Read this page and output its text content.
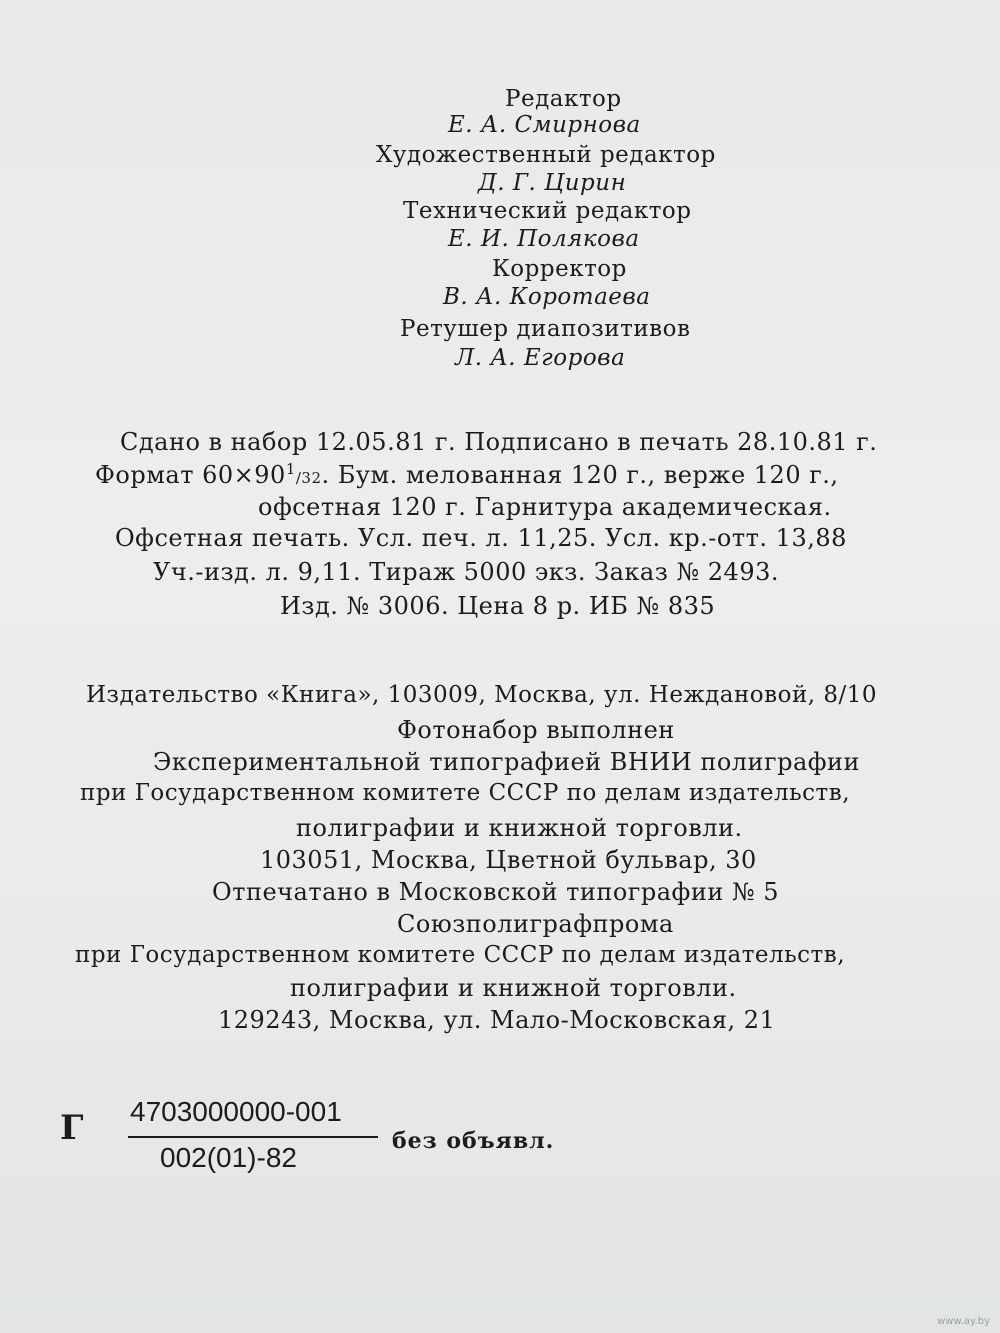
Редактор
Е. А. Смирнова
Художественный редактор
Д. Г. Цирин
Технический редактор
Е. И. Полякова
Корректор
В. А. Коротаева
Ретушер диапозитивов
Л. А. Егорова
Сдано в набор 12.05.81 г. Подписано в печать 28.10.81 г.
Формат $60\times 90^1/32$. Бум. мелованная 120 г., верже 120 г.,
офсетная 120 г. Гарнитура академическая.
Офсетная печать. Усл. печ. л. 11,25. Усл. кр.-отт. 13,88
Уч.-изд. л. 9,11. Тираж 5000 экз. Заказ № 2493.
Изд. № 3006. Цена 8 р. ИБ № 835
Издательство «Книга», 103009, Москва, ул. Неждановой, 8/10
Фотонабор выполнен
Экспериментальной типографией ВНИИ полиграфии
при Государственном комитете СССР по делам издательств,
полиграфии и книжной торговли.
103051, Москва, Цветной бульвар, 30
Отпечатано в Московской типографии № 5
Союзполиграфпрома
при Государственном комитете СССР по делам издательств,
полиграфии и книжной торговли.
129243, Москва, ул. Мало-Московская, 21
Г 4703000000-001
002(01)-82
без объявл.
www.ay.by
